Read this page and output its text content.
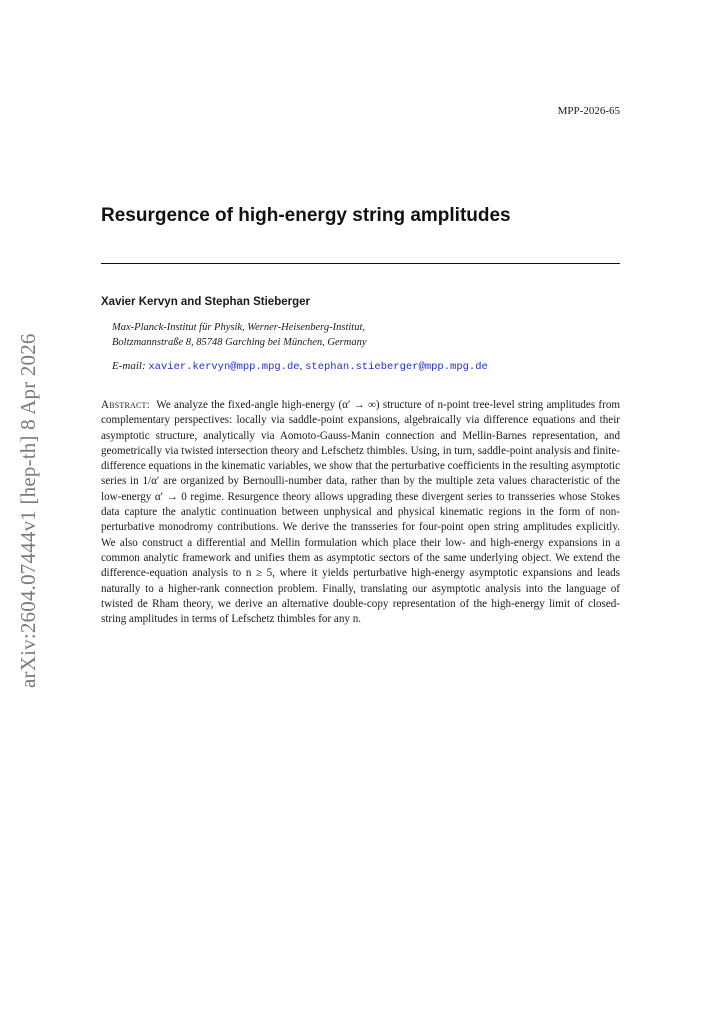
MPP-2026-65
Resurgence of high-energy string amplitudes
Xavier Kervyn and Stephan Stieberger
Max-Planck-Institut für Physik, Werner-Heisenberg-Institut,
Boltzmannstraße 8, 85748 Garching bei München, Germany
E-mail: xavier.kervyn@mpp.mpg.de, stephan.stieberger@mpp.mpg.de

Abstract: We analyze the fixed-angle high-energy (α′ → ∞) structure of n-point tree-level string amplitudes from complementary perspectives: locally via saddle-point expansions, algebraically via difference equations and their asymptotic structure, analytically via Aomoto-Gauss-Manin connection and Mellin-Barnes representation, and geometrically via twisted intersection theory and Lefschetz thimbles. Using, in turn, saddle-point analysis and finite-difference equations in the kinematic variables, we show that the perturbative coefficients in the resulting asymptotic series in 1/α′ are organized by Bernoulli-number data, rather than by the multiple zeta values characteristic of the low-energy α′ → 0 regime. Resurgence theory allows upgrading these divergent series to transseries whose Stokes data capture the analytic continuation between unphysical and physical kinematic regions in the form of non-perturbative monodromy contributions. We derive the transseries for four-point open string amplitudes explicitly. We also construct a differential and Mellin formulation which place their low- and high-energy expansions in a common analytic framework and unifies them as asymptotic sectors of the same underlying object. We extend the difference-equation analysis to n ≥ 5, where it yields perturbative high-energy asymptotic expansions and leads naturally to a higher-rank connection problem. Finally, translating our asymptotic analysis into the language of twisted de Rham theory, we derive an alternative double-copy representation of the high-energy limit of closed-string amplitudes in terms of Lefschetz thimbles for any n.

arXiv:2604.07444v1 [hep-th] 8 Apr 2026
